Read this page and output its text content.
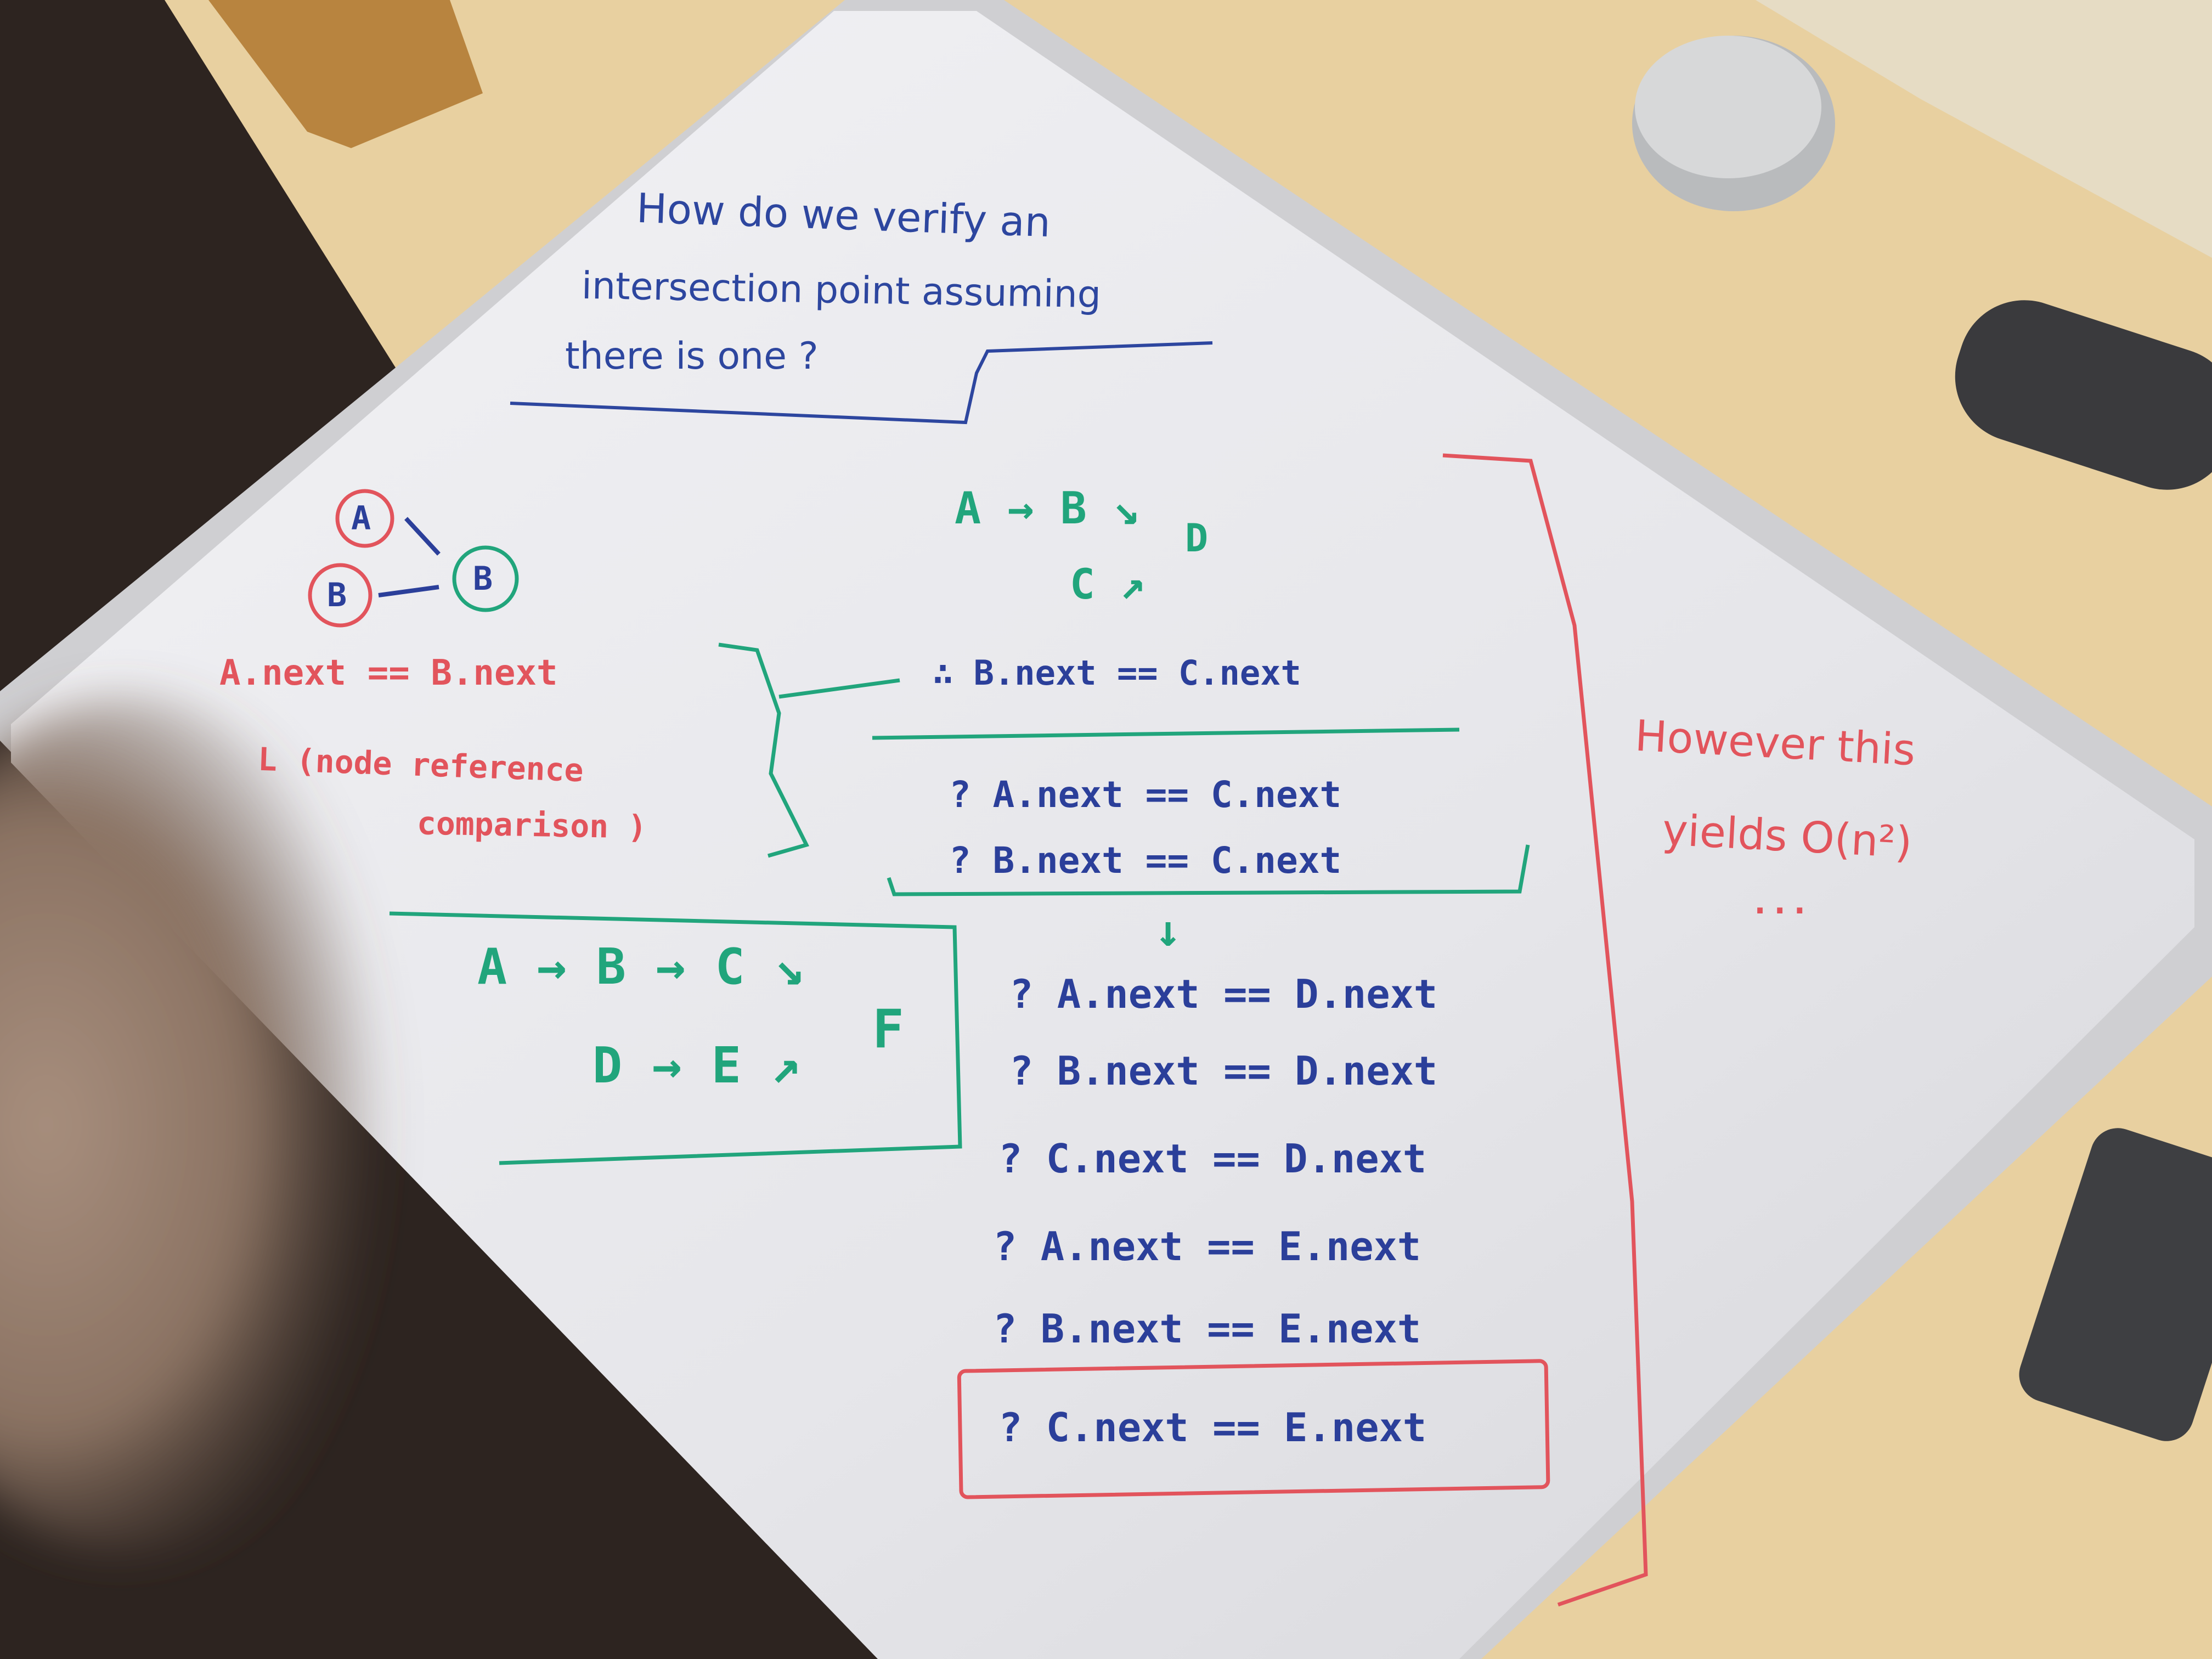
How do we verify an
intersection point assuming
there is one ?
A
B	B
A.next == B.next
L (node reference
comparison )
A → B ↘
D
C ↗
∴ B.next == C.next
? A.next == C.next
? B.next == C.next
↓
A → B → C ↘
F
D → E ↗
? A.next == D.next
? B.next == D.next
? C.next == D.next
? A.next == E.next
? B.next == E.next
? C.next == E.next
However this
yields O(n²)
...
